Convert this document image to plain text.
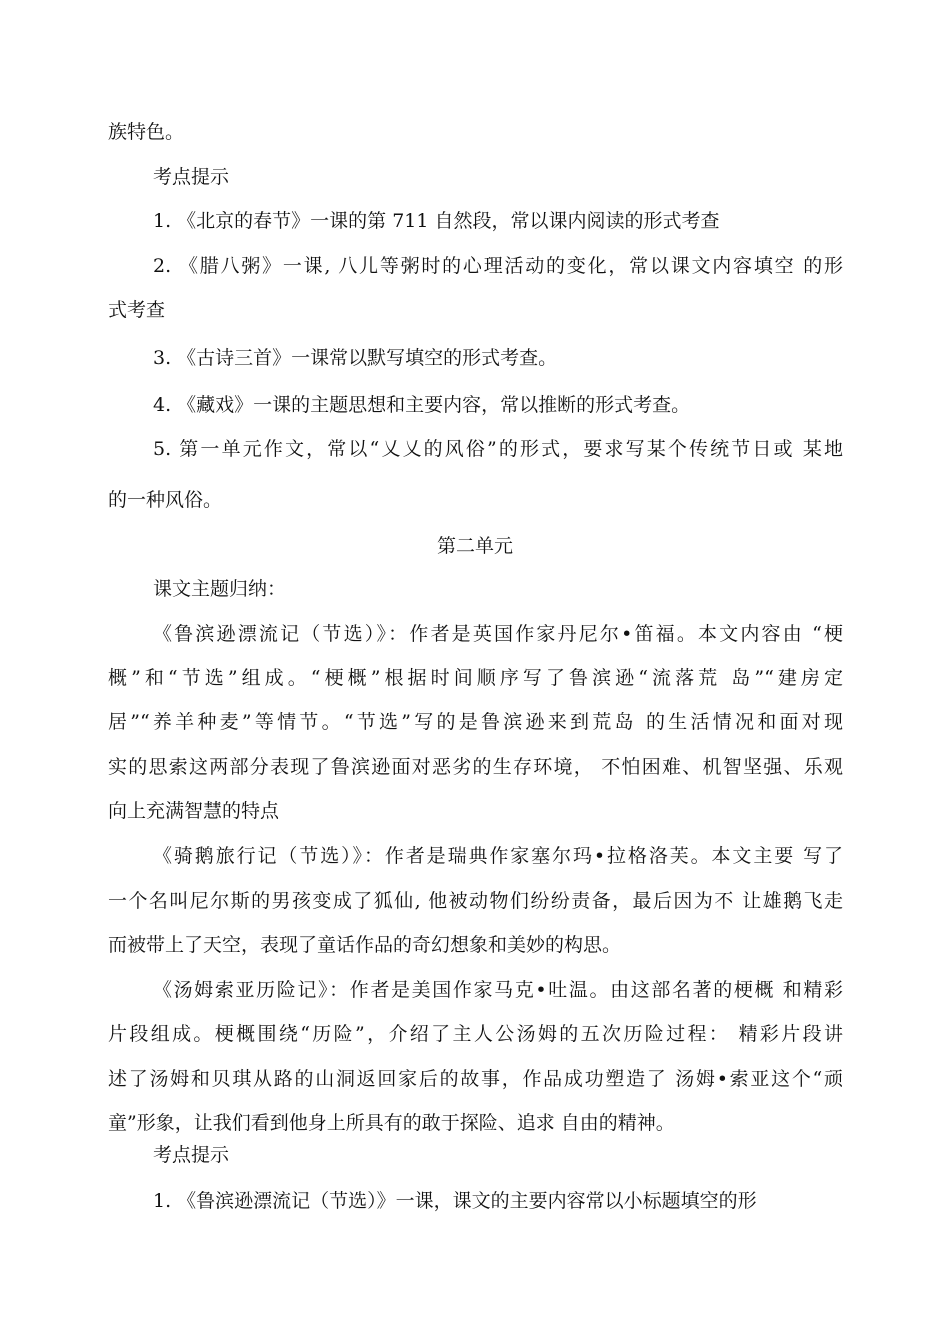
族特色。
考点提示
1. 《北京的春节》一课的第 711 自然段，常以课内阅读的形式考查
2. 《腊八粥》一课, 八儿等粥时的心理活动的变化，常以课文内容填空 的形
式考查
3. 《古诗三首》一课常以默写填空的形式考查。
4. 《藏戏》一课的主题思想和主要内容，常以推断的形式考查。
5. 第一单元作文，常以“乂乂的风俗”的形式，要求写某个传统节日或 某地
的一种风俗。
第二单元
课文主题归纳：
《鲁滨逊漂流记（节选）》：作者是英国作家丹尼尔•笛福。本文内容由 “梗
概”和“节选”组成。“梗概”根据时间顺序写了鲁滨逊“流落荒 岛”“建房定
居”“养羊种麦”等情节。“节选”写的是鲁滨逊来到荒岛 的生活情况和面对现
实的思索这两部分表现了鲁滨逊面对恶劣的生存环境， 不怕困难、机智坚强、乐观
向上充满智慧的特点
《骑鹅旅行记（节选）》：作者是瑞典作家塞尔玛•拉格洛芙。本文主要 写了
一个名叫尼尔斯的男孩变成了狐仙, 他被动物们纷纷责备，最后因为不 让雄鹅飞走
而被带上了天空，表现了童话作品的奇幻想象和美妙的构思。
《汤姆索亚历险记》：作者是美国作家马克•吐温。由这部名著的梗概 和精彩
片段组成。梗概围绕“历险”，介绍了主人公汤姆的五次历险过程： 精彩片段讲
述了汤姆和贝琪从路的山洞返回家后的故事，作品成功塑造了 汤姆•索亚这个“顽
童”形象，让我们看到他身上所具有的敢于探险、追求 自由的精神。
考点提示
1. 《鲁滨逊漂流记（节选）》一课，课文的主要内容常以小标题填空的形
